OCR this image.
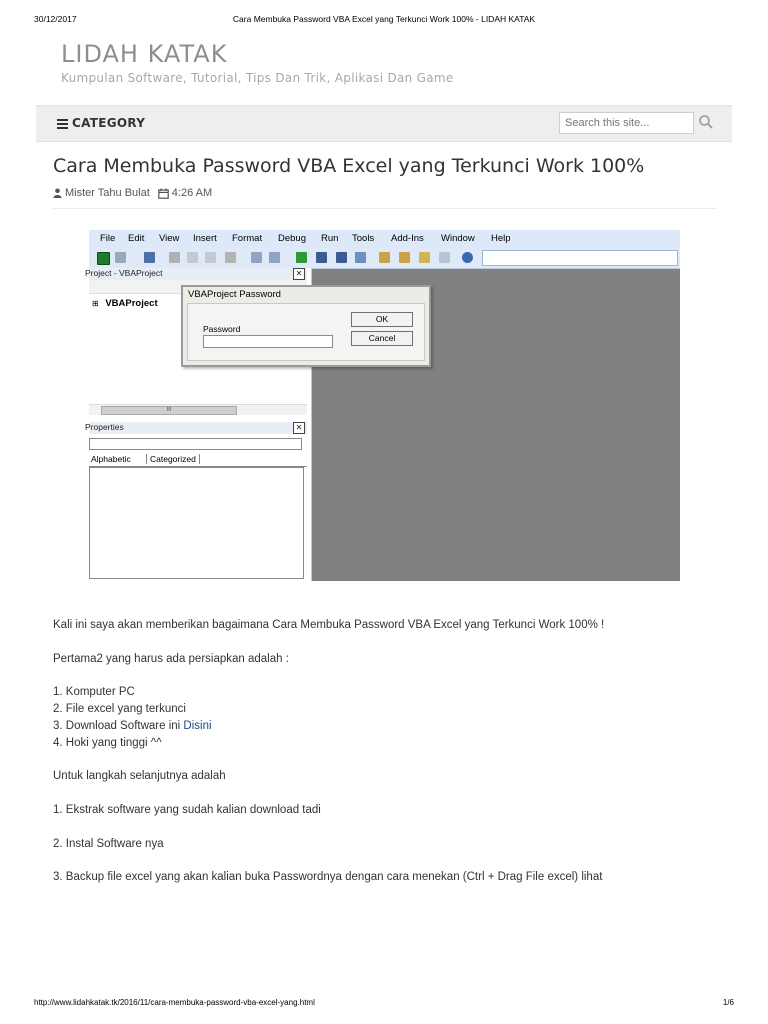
30/12/2017	Cara Membuka Password VBA Excel yang Terkunci Work 100% - LIDAH KATAK
LIDAH KATAK
Kumpulan Software, Tutorial, Tips Dan Trik, Aplikasi Dan Game
CATEGORY
Search this site...
Cara Membuka Password VBA Excel yang Terkunci Work 100%
Mister Tahu Bulat 4:26 AM
File Edit View Insert Format Debug Run Tools Add-Ins Window Help
Project - VBAProject	✕
⊞ VBAProject
III
Properties	✕
Alphabetic	Categorized
VBAProject Password
Password
OK
Cancel

Kali ini saya akan memberikan bagaimana Cara Membuka Password VBA Excel yang Terkunci Work 100% !

Pertama2 yang harus ada persiapkan adalah :

1. Komputer PC

2. File excel yang terkunci

3. Download Software ini Disini

4. Hoki yang tinggi ^^

Untuk langkah selanjutnya adalah

1. Ekstrak software yang sudah kalian download tadi

2. Instal Software nya

3. Backup file excel yang akan kalian buka Passwordnya dengan cara menekan (Ctrl + Drag File excel) lihat

http://www.lidahkatak.tk/2016/11/cara-membuka-password-vba-excel-yang.html	1/6
